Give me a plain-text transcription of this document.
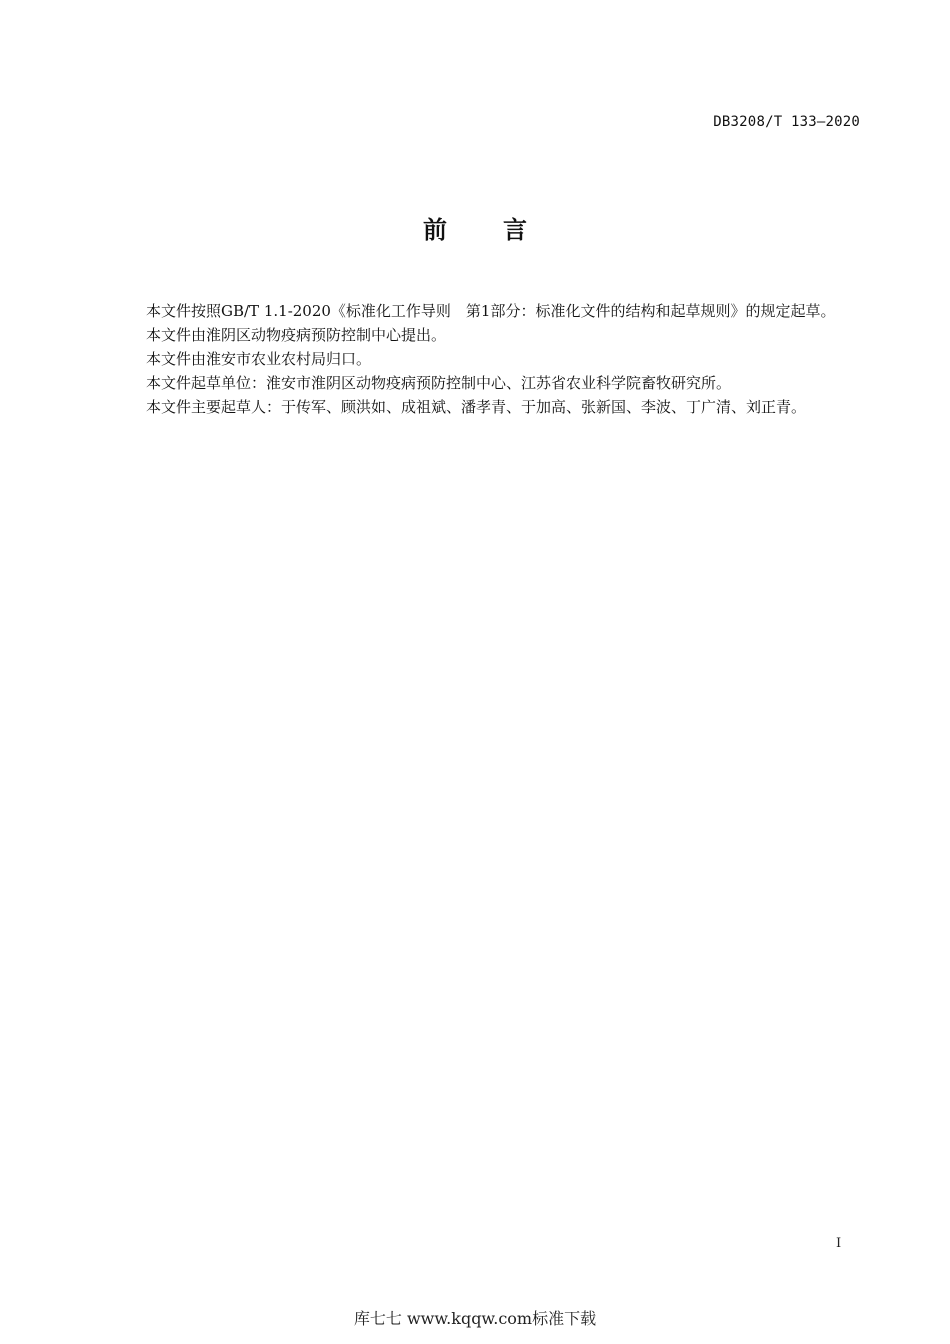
DB3208/T 133—2020
前 言

本文件按照GB/T 1.1-2020《标准化工作导则　第1部分：标准化文件的结构和起草规则》的规定起草。

本文件由淮阴区动物疫病预防控制中心提出。

本文件由淮安市农业农村局归口。

本文件起草单位：淮安市淮阴区动物疫病预防控制中心、江苏省农业科学院畜牧研究所。

本文件主要起草人：于传军、顾洪如、成祖斌、潘孝青、于加高、张新国、李波、丁广清、刘正青。

I
库七七 www.kqqw.com标准下载
